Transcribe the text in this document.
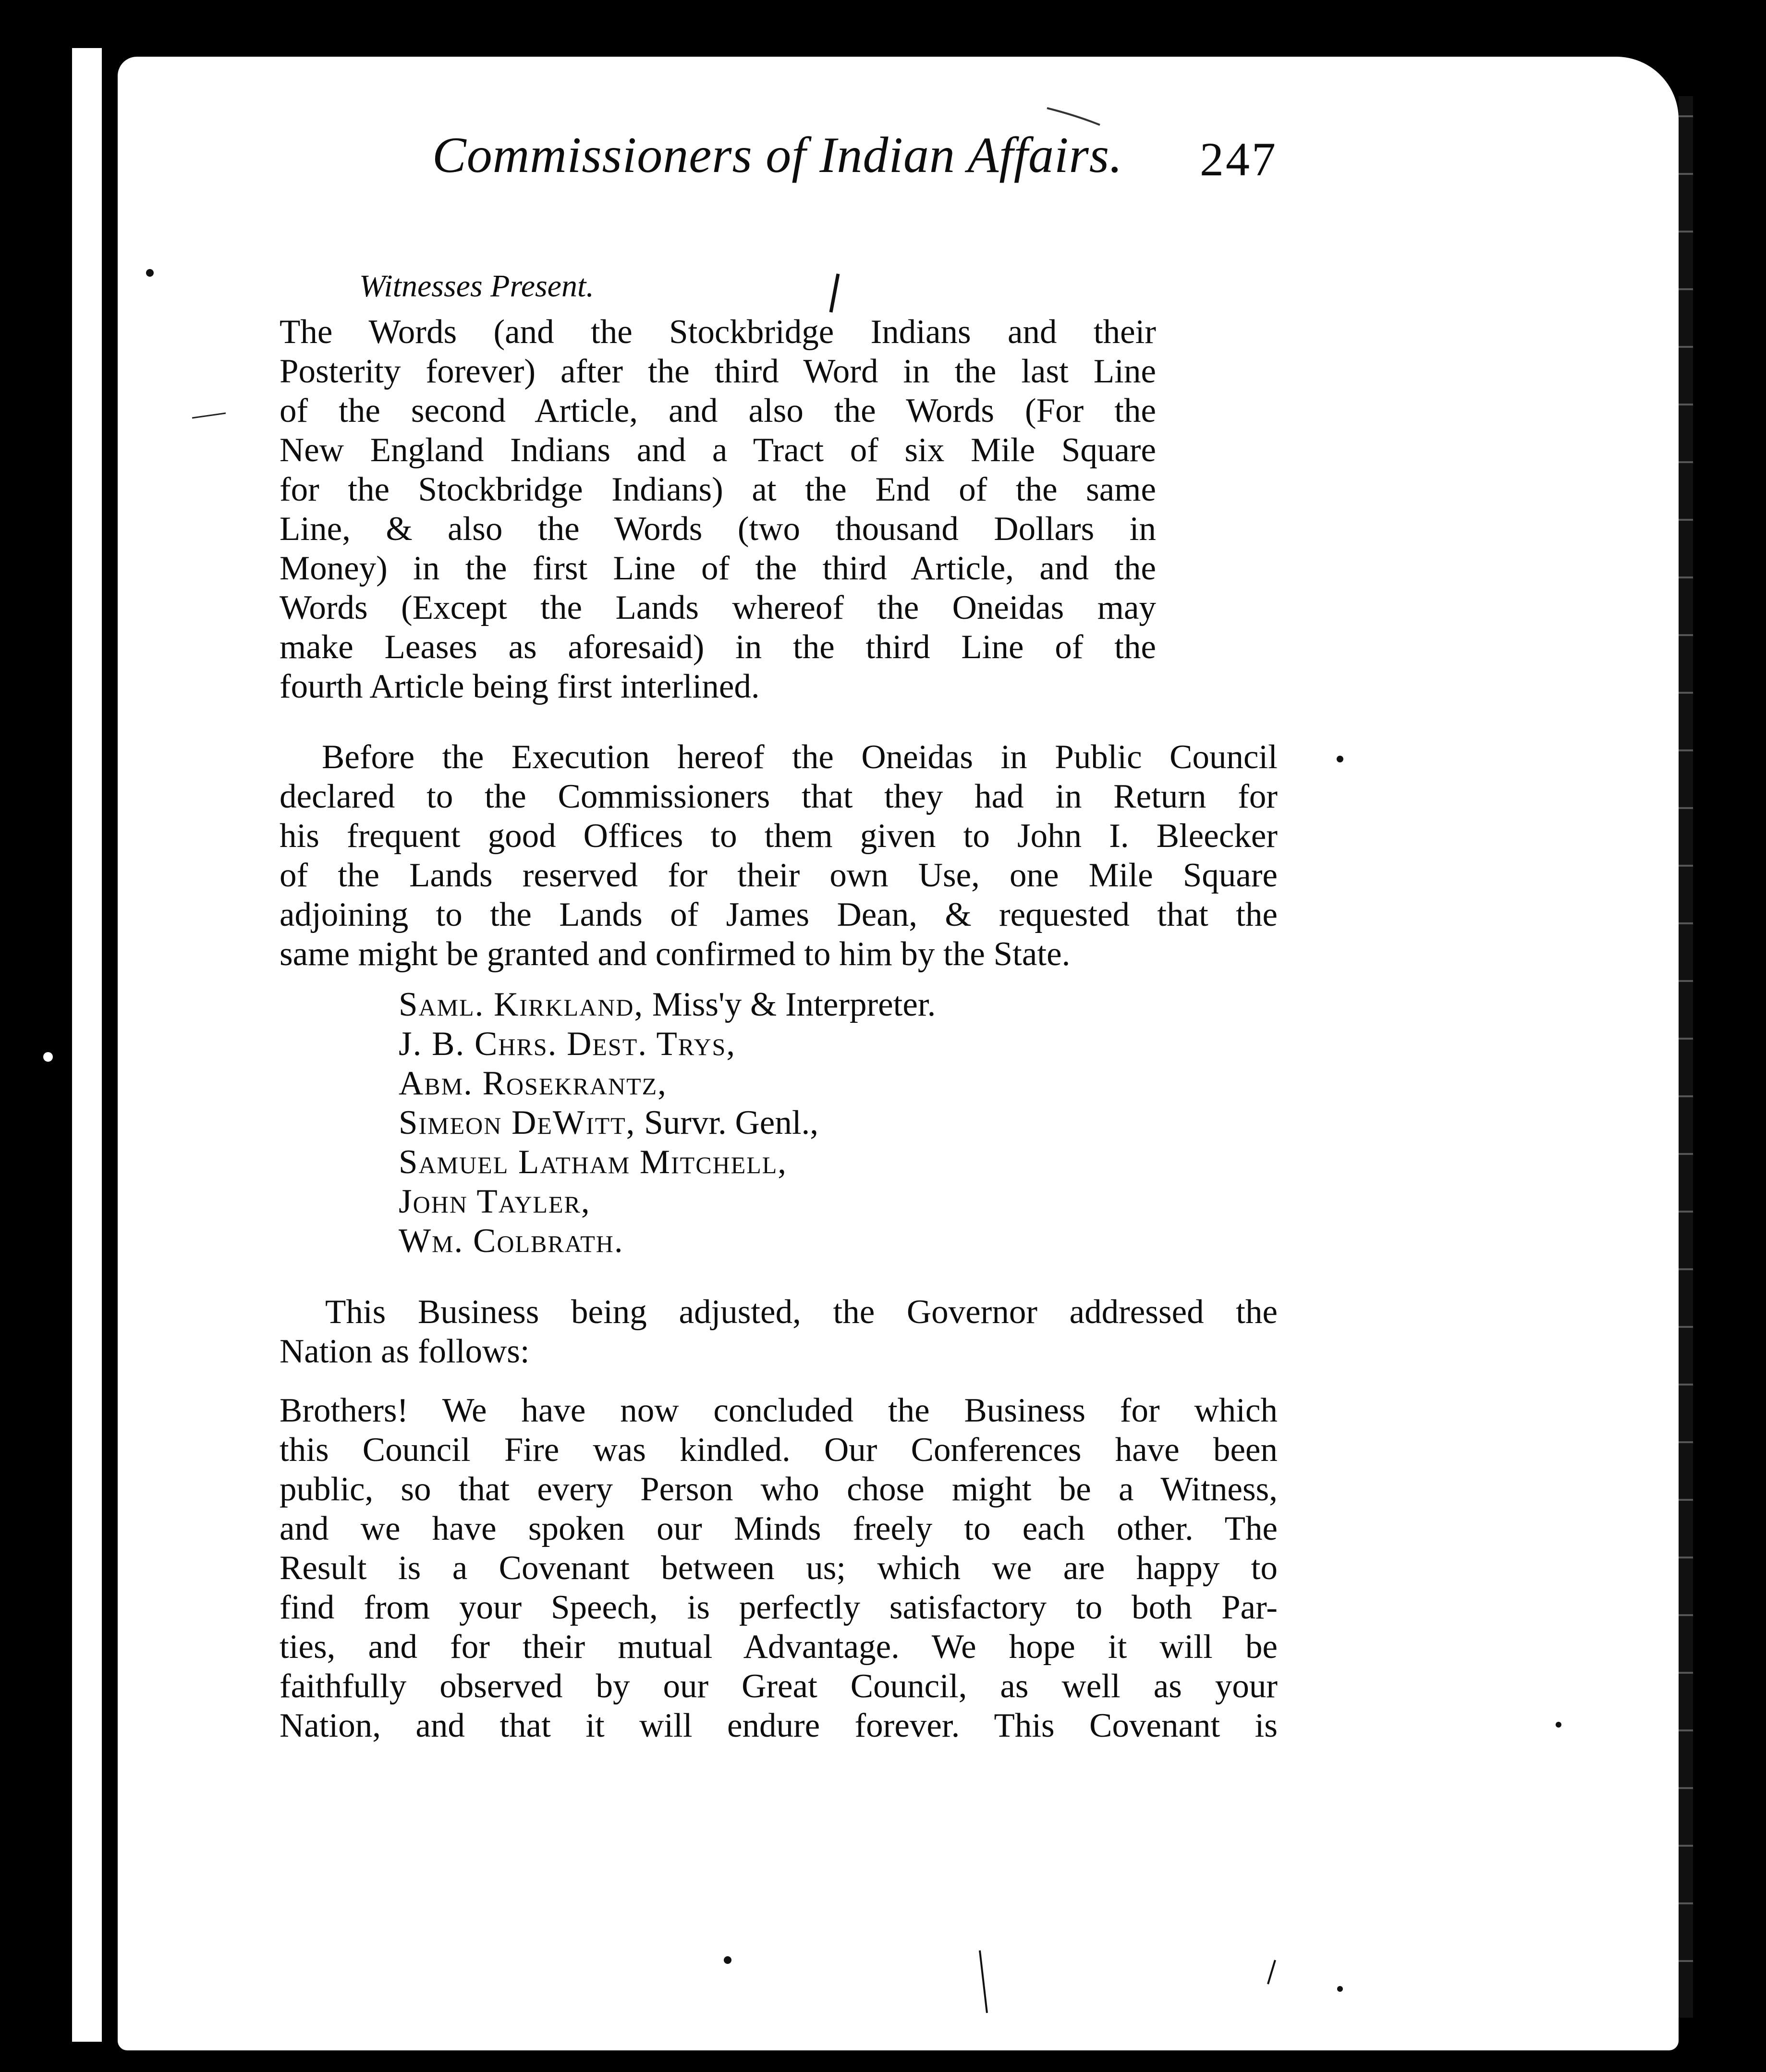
Commissioners of Indian Affairs. 247
Witnesses Present.
The Words (and the Stockbridge Indians and their
Posterity forever) after the third Word in the last Line
of the second Article, and also the Words (For the
New England Indians and a Tract of six Mile Square
for the Stockbridge Indians) at the End of the same
Line, & also the Words (two thousand Dollars in
Money) in the first Line of the third Article, and the
Words (Except the Lands whereof the Oneidas may
make Leases as aforesaid) in the third Line of the
fourth Article being first interlined.
Before the Execution hereof the Oneidas in Public Council
declared to the Commissioners that they had in Return for
his frequent good Offices to them given to John I. Bleecker
of the Lands reserved for their own Use, one Mile Square
adjoining to the Lands of James Dean, & requested that the
same might be granted and confirmed to him by the State.
Saml. Kirkland, Miss'y & Interpreter.
J. B. Chrs. Dest. Trys,
Abm. Rosekrantz,
Simeon DeWitt, Survr. Genl.,
Samuel Latham Mitchell,
John Tayler,
Wm. Colbrath.
This Business being adjusted, the Governor addressed the
Nation as follows:
Brothers! We have now concluded the Business for which
this Council Fire was kindled. Our Conferences have been
public, so that every Person who chose might be a Witness,
and we have spoken our Minds freely to each other. The
Result is a Covenant between us; which we are happy to
find from your Speech, is perfectly satisfactory to both Par-
ties, and for their mutual Advantage. We hope it will be
faithfully observed by our Great Council, as well as your
Nation, and that it will endure forever. This Covenant is
